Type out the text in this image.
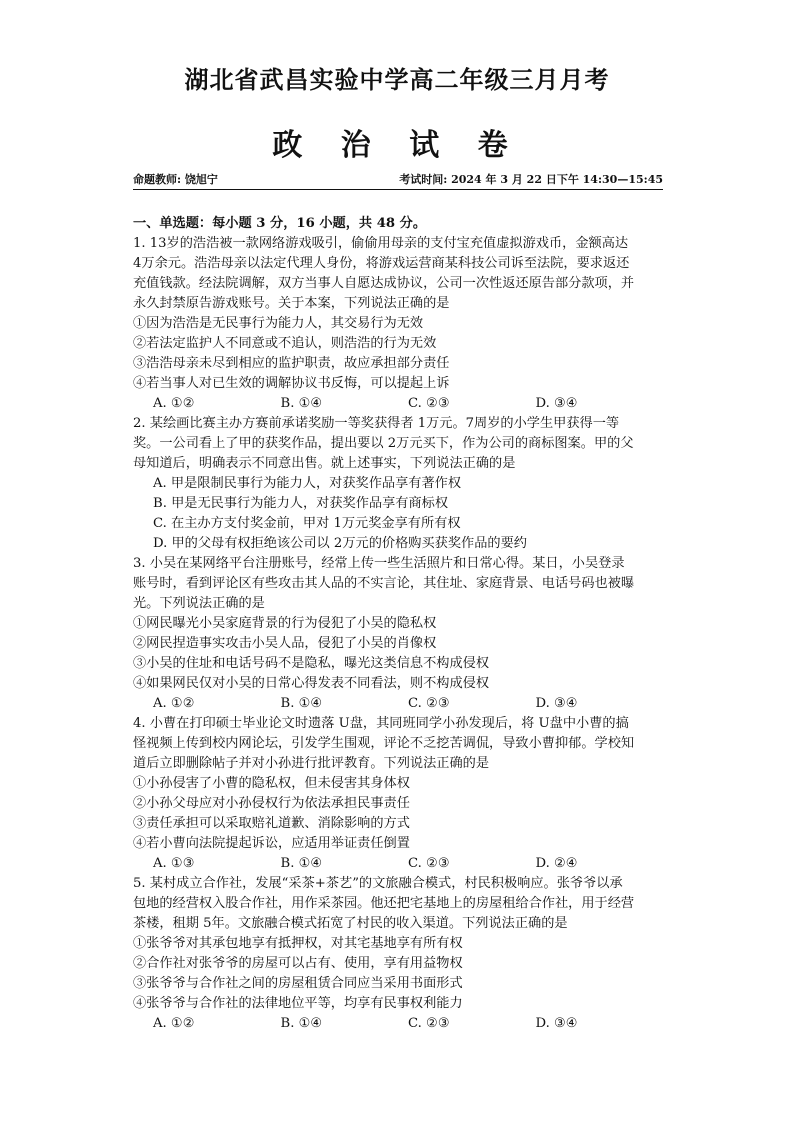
湖北省武昌实验中学高二年级三月月考
政 治 试 卷
命题教师: 饶旭宁	考试时间: 2024 年 3 月 22 日下午 14:30—15:45
一、单选题：每小题 3 分，16 小题，共 48 分。
1. 13岁的浩浩被一款网络游戏吸引，偷偷用母亲的支付宝充值虚拟游戏币，金额高达
4万余元。浩浩母亲以法定代理人身份，将游戏运营商某科技公司诉至法院，要求返还
充值钱款。经法院调解，双方当事人自愿达成协议，公司一次性返还原告部分款项，并
永久封禁原告游戏账号。关于本案，下列说法正确的是
①因为浩浩是无民事行为能力人，其交易行为无效
②若法定监护人不同意或不追认，则浩浩的行为无效
③浩浩母亲未尽到相应的监护职责，故应承担部分责任
④若当事人对已生效的调解协议书反悔，可以提起上诉
A. ①②	B. ①④	C. ②③	D. ③④
2. 某绘画比赛主办方赛前承诺奖励一等奖获得者 1万元。7周岁的小学生甲获得一等
奖。一公司看上了甲的获奖作品，提出要以 2万元买下，作为公司的商标图案。甲的父
母知道后，明确表示不同意出售。就上述事实，下列说法正确的是
A. 甲是限制民事行为能力人，对获奖作品享有著作权
B. 甲是无民事行为能力人，对获奖作品享有商标权
C. 在主办方支付奖金前，甲对 1万元奖金享有所有权
D. 甲的父母有权拒绝该公司以 2万元的价格购买获奖作品的要约
3. 小吴在某网络平台注册账号，经常上传一些生活照片和日常心得。某日，小吴登录
账号时，看到评论区有些攻击其人品的不实言论，其住址、家庭背景、电话号码也被曝
光。下列说法正确的是
①网民曝光小吴家庭背景的行为侵犯了小吴的隐私权
②网民捏造事实攻击小吴人品，侵犯了小吴的肖像权
③小吴的住址和电话号码不是隐私，曝光这类信息不构成侵权
④如果网民仅对小吴的日常心得发表不同看法，则不构成侵权
A. ①②	B. ①④	C. ②③	D. ③④
4. 小曹在打印硕士毕业论文时遗落 U盘，其同班同学小孙发现后，将 U盘中小曹的搞
怪视频上传到校内网论坛，引发学生围观，评论不乏挖苦调侃，导致小曹抑郁。学校知
道后立即删除帖子并对小孙进行批评教育。下列说法正确的是
①小孙侵害了小曹的隐私权，但未侵害其身体权
②小孙父母应对小孙侵权行为依法承担民事责任
③责任承担可以采取赔礼道歉、消除影响的方式
④若小曹向法院提起诉讼，应适用举证责任倒置
A. ①③	B. ①④	C. ②③	D. ②④
5. 某村成立合作社，发展“采茶+茶艺”的文旅融合模式，村民积极响应。张爷爷以承
包地的经营权入股合作社，用作采茶园。他还把宅基地上的房屋租给合作社，用于经营
茶楼，租期 5年。文旅融合模式拓宽了村民的收入渠道。下列说法正确的是
①张爷爷对其承包地享有抵押权，对其宅基地享有所有权
②合作社对张爷爷的房屋可以占有、使用，享有用益物权
③张爷爷与合作社之间的房屋租赁合同应当采用书面形式
④张爷爷与合作社的法律地位平等，均享有民事权利能力
A. ①②	B. ①④	C. ②③	D. ③④
